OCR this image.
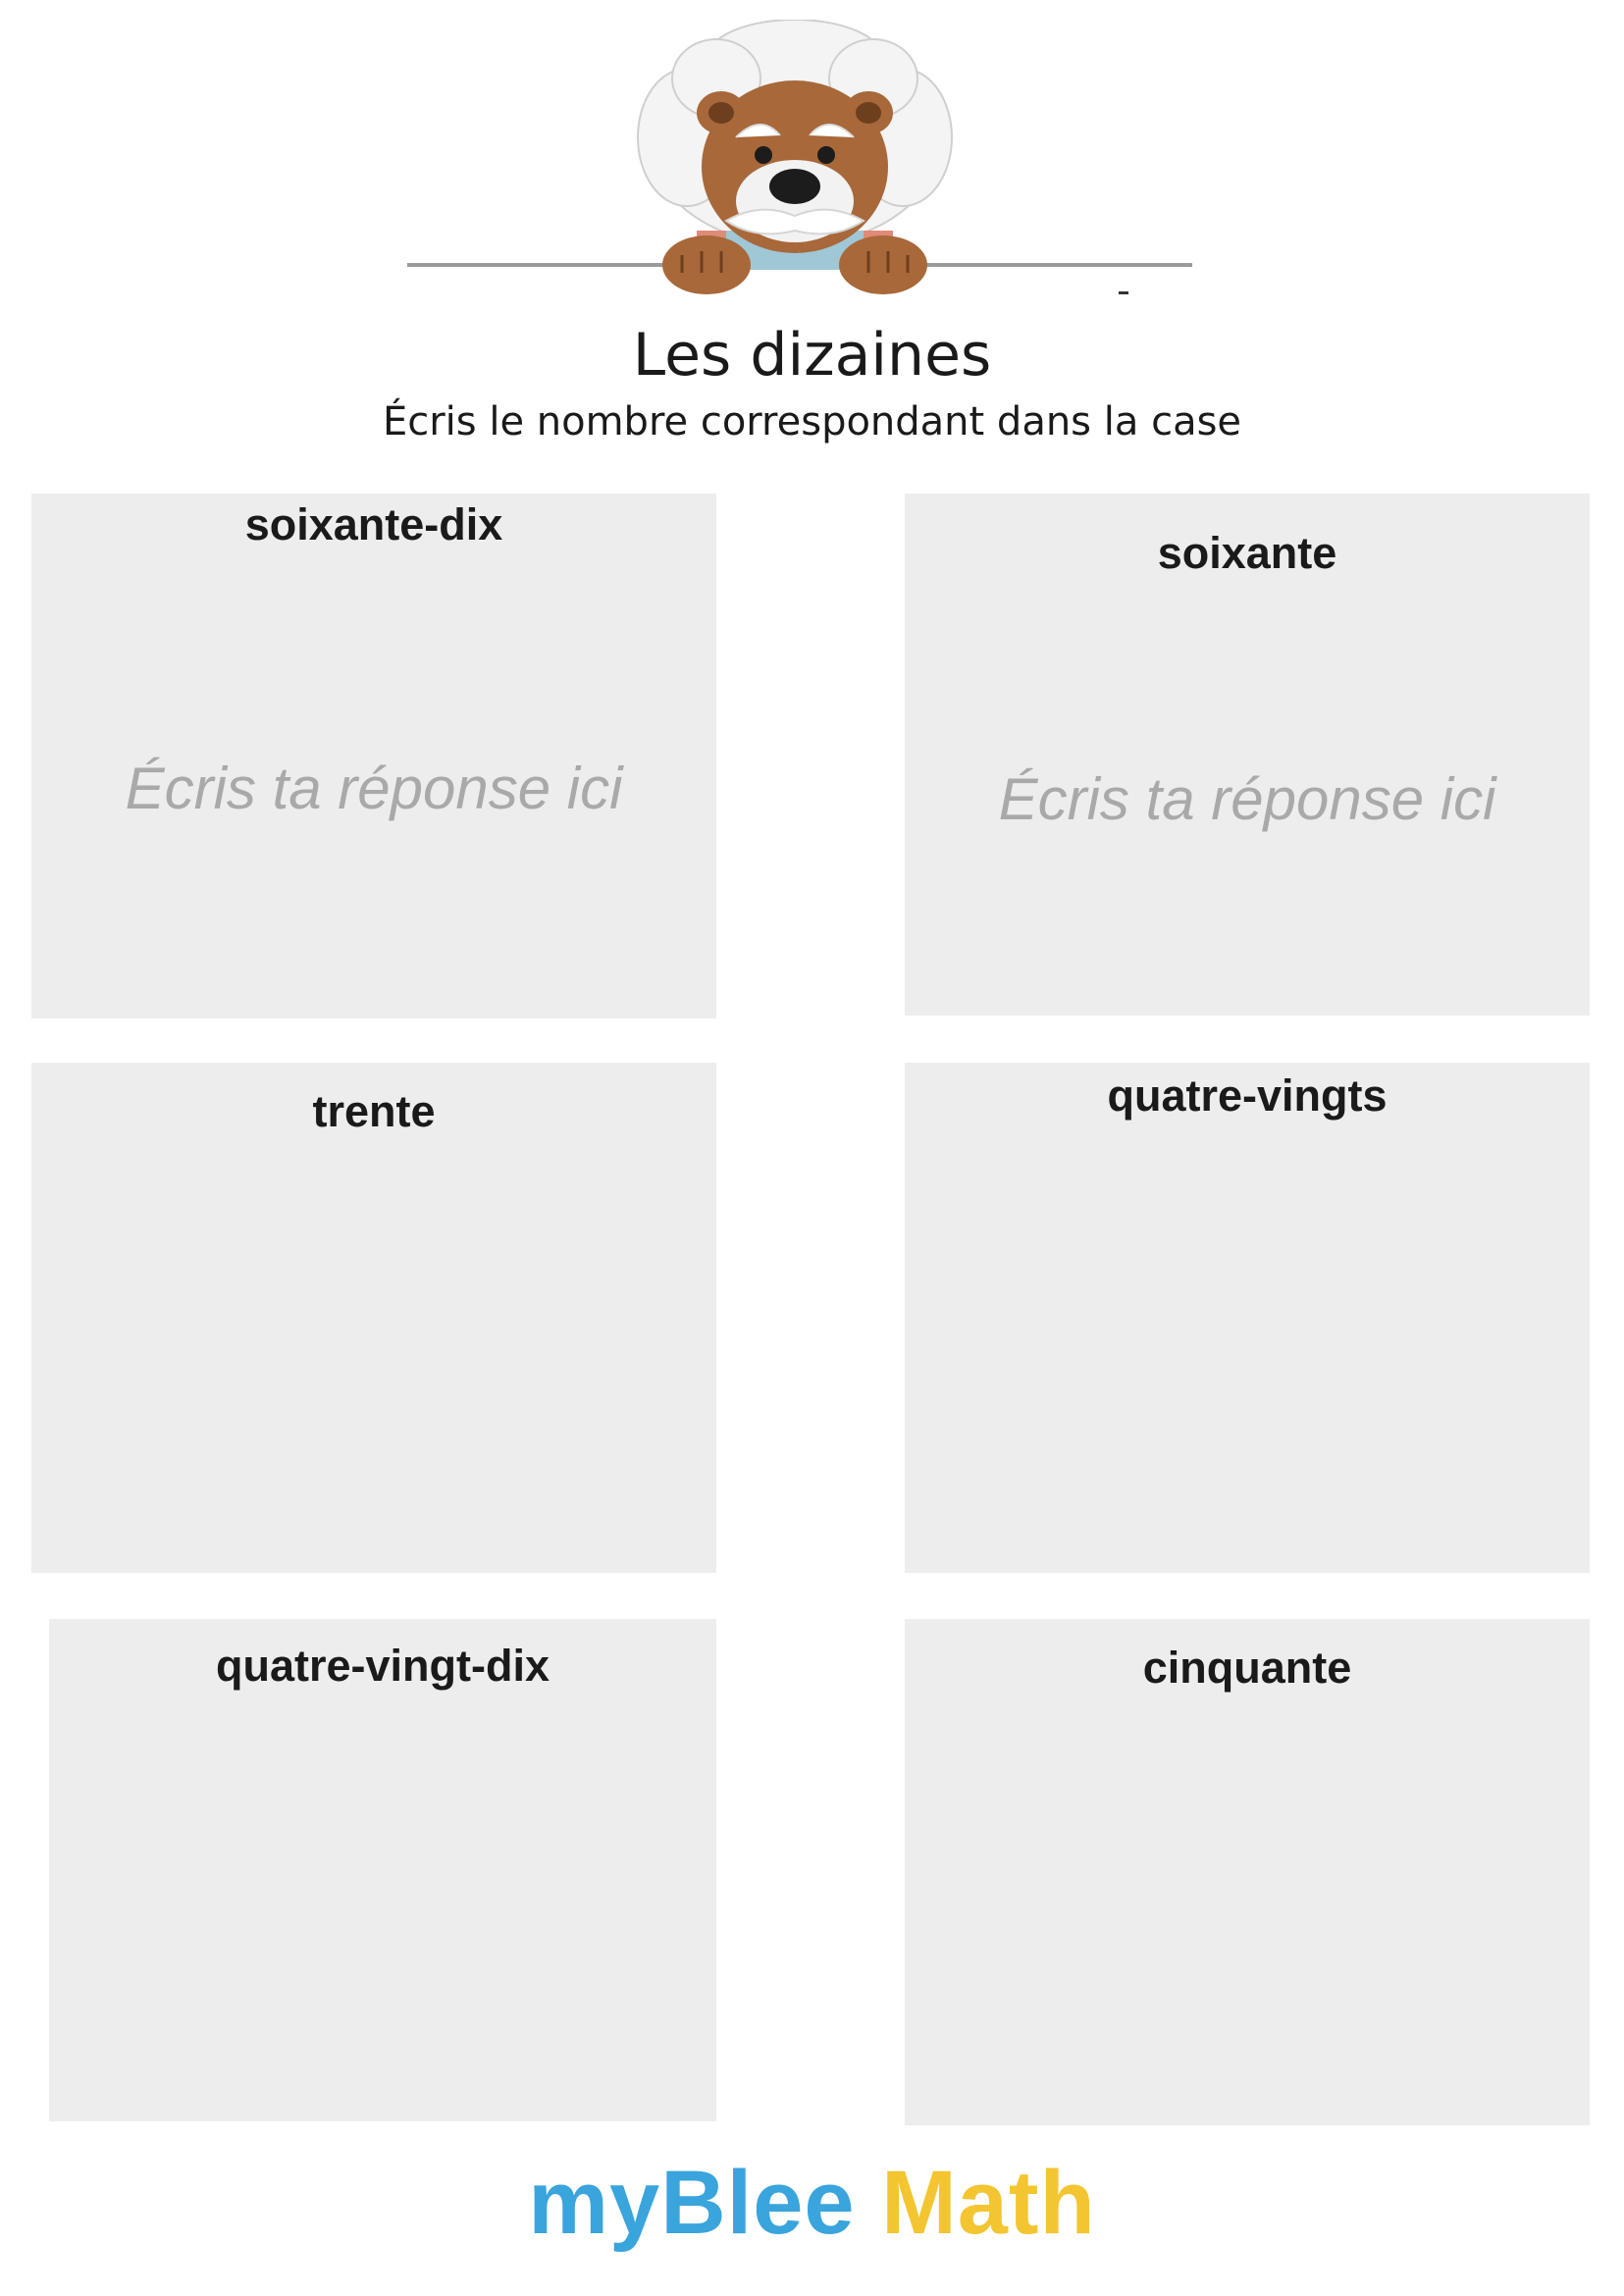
Les dizaines
Écris le nombre correspondant dans la case
soixante-dix
Écris ta réponse ici
soixante
Écris ta réponse ici
trente	quatre-vingts
quatre-vingt-dix	cinquante
myBlee Math
